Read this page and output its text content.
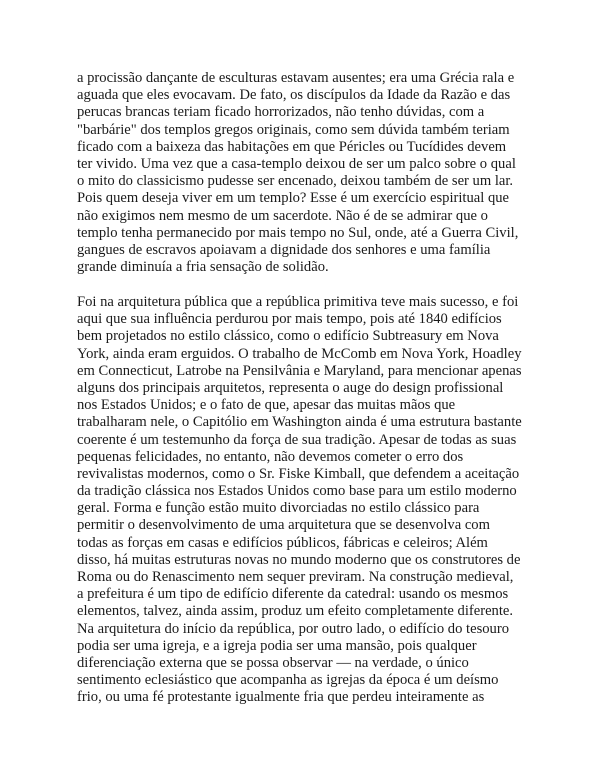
a procissão dançante de esculturas estavam ausentes; era uma Grécia rala e
aguada que eles evocavam. De fato, os discípulos da Idade da Razão e das
perucas brancas teriam ficado horrorizados, não tenho dúvidas, com a
"barbárie" dos templos gregos originais, como sem dúvida também teriam
ficado com a baixeza das habitações em que Péricles ou Tucídides devem
ter vivido. Uma vez que a casa-templo deixou de ser um palco sobre o qual
o mito do classicismo pudesse ser encenado, deixou também de ser um lar.
Pois quem deseja viver em um templo? Esse é um exercício espiritual que
não exigimos nem mesmo de um sacerdote. Não é de se admirar que o
templo tenha permanecido por mais tempo no Sul, onde, até a Guerra Civil,
gangues de escravos apoiavam a dignidade dos senhores e uma família
grande diminuía a fria sensação de solidão.
Foi na arquitetura pública que a república primitiva teve mais sucesso, e foi
aqui que sua influência perdurou por mais tempo, pois até 1840 edifícios
bem projetados no estilo clássico, como o edifício Subtreasury em Nova
York, ainda eram erguidos. O trabalho de McComb em Nova York, Hoadley
em Connecticut, Latrobe na Pensilvânia e Maryland, para mencionar apenas
alguns dos principais arquitetos, representa o auge do design profissional
nos Estados Unidos; e o fato de que, apesar das muitas mãos que
trabalharam nele, o Capitólio em Washington ainda é uma estrutura bastante
coerente é um testemunho da força de sua tradição. Apesar de todas as suas
pequenas felicidades, no entanto, não devemos cometer o erro dos
revivalistas modernos, como o Sr. Fiske Kimball, que defendem a aceitação
da tradição clássica nos Estados Unidos como base para um estilo moderno
geral. Forma e função estão muito divorciadas no estilo clássico para
permitir o desenvolvimento de uma arquitetura que se desenvolva com
todas as forças em casas e edifícios públicos, fábricas e celeiros; Além
disso, há muitas estruturas novas no mundo moderno que os construtores de
Roma ou do Renascimento nem sequer previram. Na construção medieval,
a prefeitura é um tipo de edifício diferente da catedral: usando os mesmos
elementos, talvez, ainda assim, produz um efeito completamente diferente.
Na arquitetura do início da república, por outro lado, o edifício do tesouro
podia ser uma igreja, e a igreja podia ser uma mansão, pois qualquer
diferenciação externa que se possa observar — na verdade, o único
sentimento eclesiástico que acompanha as igrejas da época é um deísmo
frio, ou uma fé protestante igualmente fria que perdeu inteiramente as
